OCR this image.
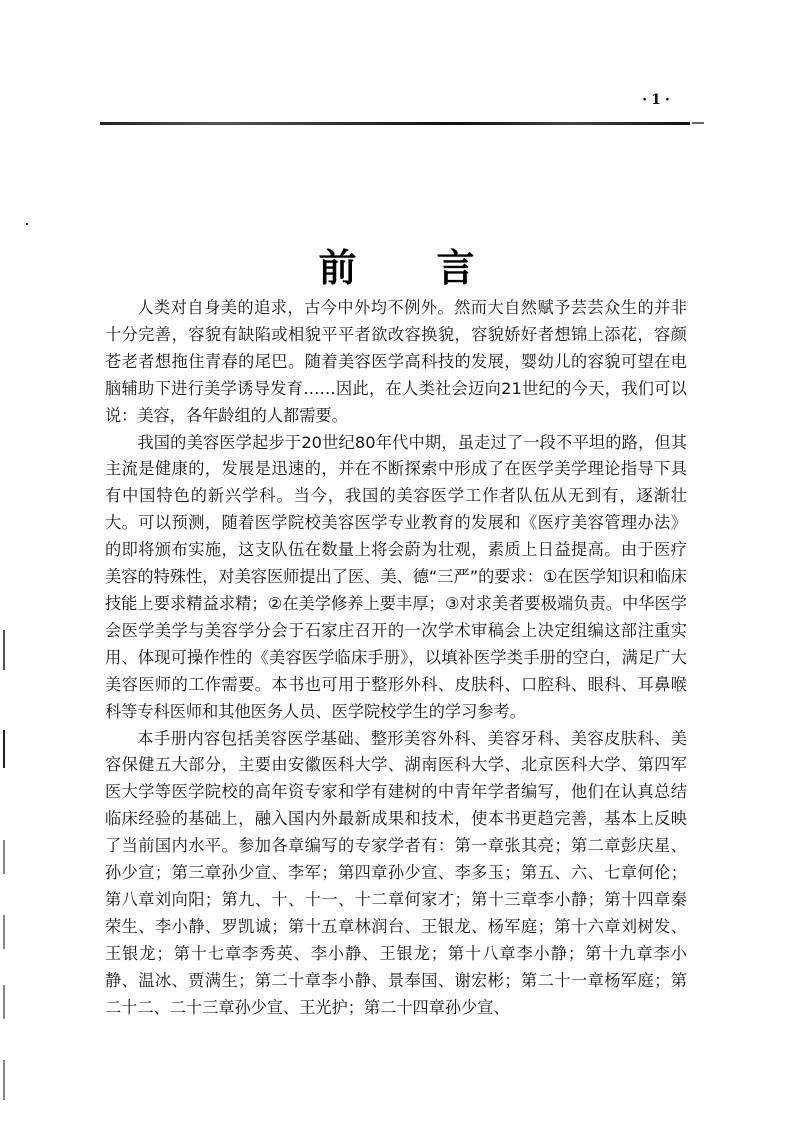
·1·
前言

人类对自身美的追求，古今中外均不例外。然而大自然赋予芸芸众生的并非十分完善，容貌有缺陷或相貌平平者欲改容换貌，容貌娇好者想锦上添花，容颜苍老者想拖住青春的尾巴。随着美容医学高科技的发展，婴幼儿的容貌可望在电脑辅助下进行美学诱导发育……因此，在人类社会迈向21世纪的今天，我们可以说：美容，各年龄组的人都需要。

我国的美容医学起步于20世纪80年代中期，虽走过了一段不平坦的路，但其主流是健康的，发展是迅速的，并在不断探索中形成了在医学美学理论指导下具有中国特色的新兴学科。当今，我国的美容医学工作者队伍从无到有，逐渐壮大。可以预测，随着医学院校美容医学专业教育的发展和《医疗美容管理办法》的即将颁布实施，这支队伍在数量上将会蔚为壮观，素质上日益提高。由于医疗美容的特殊性，对美容医师提出了医、美、德“三严”的要求：①在医学知识和临床技能上要求精益求精；②在美学修养上要丰厚；③对求美者要极端负责。中华医学会医学美学与美容学分会于石家庄召开的一次学术审稿会上决定组编这部注重实用、体现可操作性的《美容医学临床手册》，以填补医学类手册的空白，满足广大美容医师的工作需要。本书也可用于整形外科、皮肤科、口腔科、眼科、耳鼻喉科等专科医师和其他医务人员、医学院校学生的学习参考。

本手册内容包括美容医学基础、整形美容外科、美容牙科、美容皮肤科、美容保健五大部分，主要由安徽医科大学、湖南医科大学、北京医科大学、第四军医大学等医学院校的高年资专家和学有建树的中青年学者编写，他们在认真总结临床经验的基础上，融入国内外最新成果和技术，使本书更趋完善，基本上反映了当前国内水平。参加各章编写的专家学者有：第一章张其亮；第二章彭庆星、孙少宣；第三章孙少宣、李军；第四章孙少宣、李多玉；第五、六、七章何伦；第八章刘向阳；第九、十、十一、十二章何家才；第十三章李小静；第十四章秦荣生、李小静、罗凯诚；第十五章林润台、王银龙、杨军庭；第十六章刘树发、王银龙；第十七章李秀英、李小静、王银龙；第十八章李小静；第十九章李小静、温冰、贾满生；第二十章李小静、景奉国、谢宏彬；第二十一章杨军庭；第二十二、二十三章孙少宣、王光护；第二十四章孙少宣、
